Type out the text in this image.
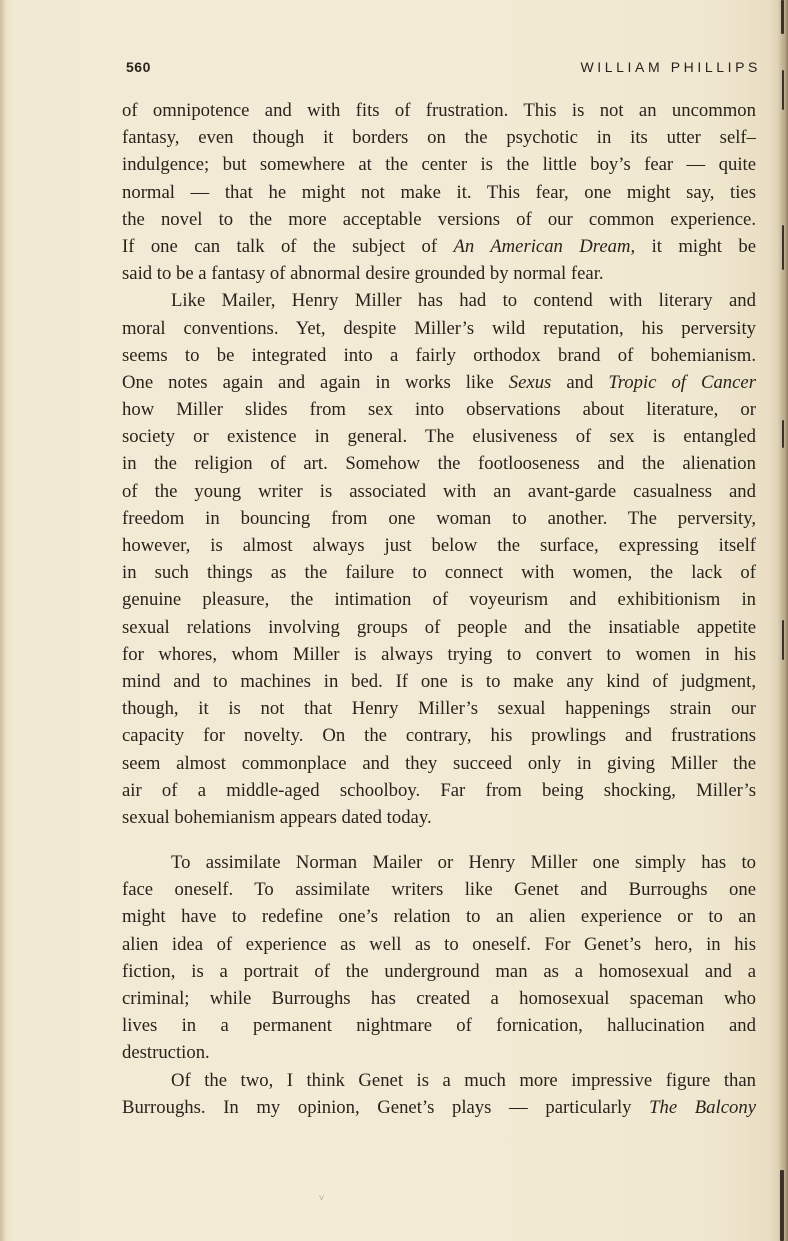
560	WILLIAM PHILLIPS
of omnipotence and with fits of frustration. This is not an uncommon
fantasy, even though it borders on the psychotic in its utter self–
indulgence; but somewhere at the center is the little boy’s fear — quite
normal — that he might not make it. This fear, one might say, ties
the novel to the more acceptable versions of our common experience.
If one can talk of the subject of An American Dream, it might be
said to be a fantasy of abnormal desire grounded by normal fear.
Like Mailer, Henry Miller has had to contend with literary and
moral conventions. Yet, despite Miller’s wild reputation, his perversity
seems to be integrated into a fairly orthodox brand of bohemianism.
One notes again and again in works like Sexus and Tropic of Cancer
how Miller slides from sex into observations about literature, or
society or existence in general. The elusiveness of sex is entangled
in the religion of art. Somehow the footlooseness and the alienation
of the young writer is associated with an avant-garde casualness and
freedom in bouncing from one woman to another. The perversity,
however, is almost always just below the surface, expressing itself
in such things as the failure to connect with women, the lack of
genuine pleasure, the intimation of voyeurism and exhibitionism in
sexual relations involving groups of people and the insatiable appetite
for whores, whom Miller is always trying to convert to women in his
mind and to machines in bed. If one is to make any kind of judgment,
though, it is not that Henry Miller’s sexual happenings strain our
capacity for novelty. On the contrary, his prowlings and frustrations
seem almost commonplace and they succeed only in giving Miller the
air of a middle-aged schoolboy. Far from being shocking, Miller’s
sexual bohemianism appears dated today.
To assimilate Norman Mailer or Henry Miller one simply has to
face oneself. To assimilate writers like Genet and Burroughs one
might have to redefine one’s relation to an alien experience or to an
alien idea of experience as well as to oneself. For Genet’s hero, in his
fiction, is a portrait of the underground man as a homosexual and a
criminal; while Burroughs has created a homosexual spaceman who
lives in a permanent nightmare of fornication, hallucination and
destruction.
Of the two, I think Genet is a much more impressive figure than
Burroughs. In my opinion, Genet’s plays — particularly The Balcony
˅
